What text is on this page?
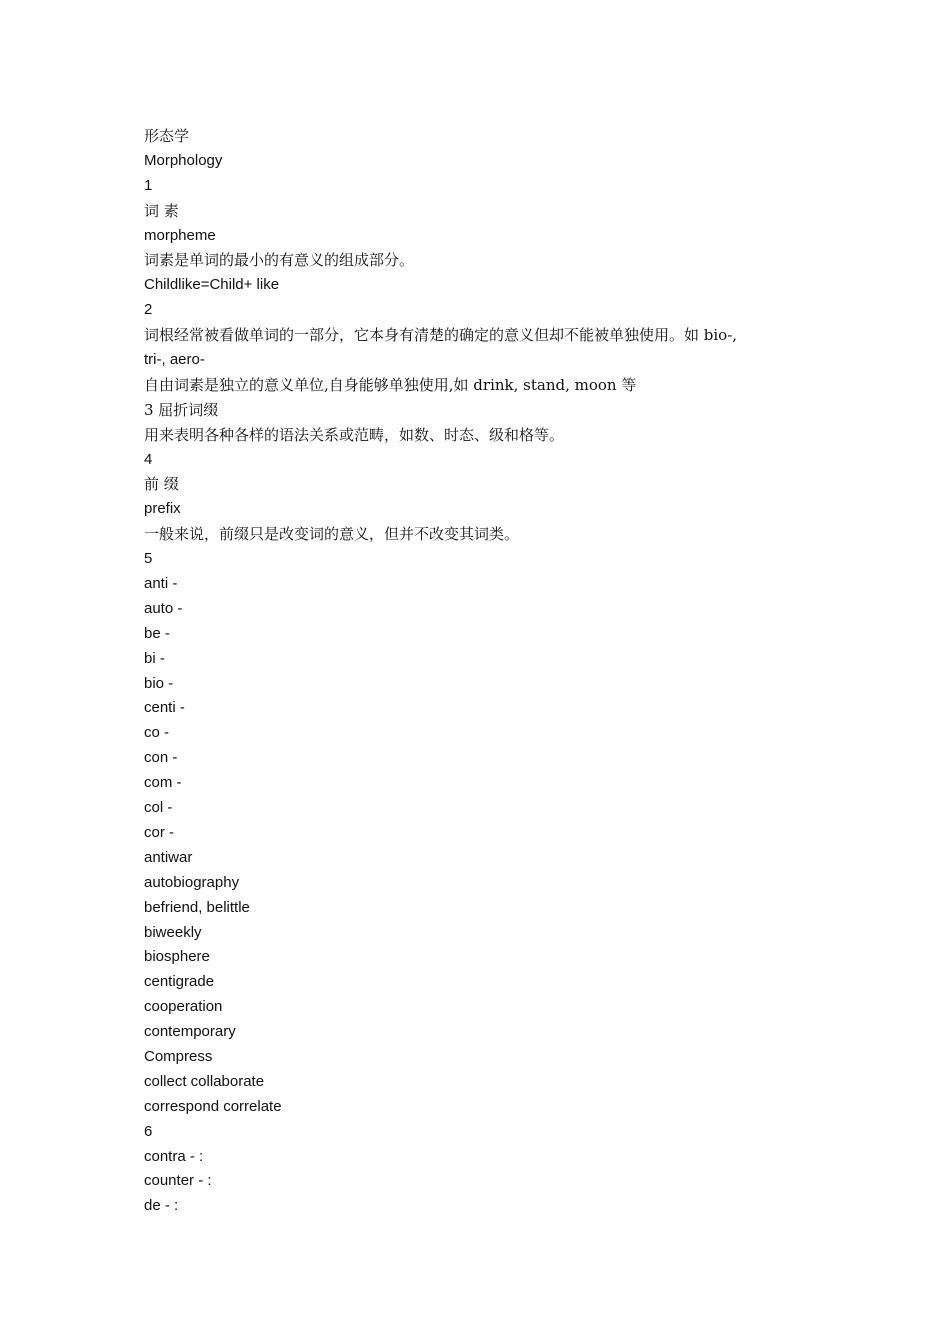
形态学
Morphology
1
词 素
morpheme
词素是单词的最小的有意义的组成部分。
Childlike=Child+ like
2
词根经常被看做单词的一部分，它本身有清楚的确定的意义但却不能被单独使用。如 bio-,
tri-, aero-
自由词素是独立的意义单位,自身能够单独使用,如 drink, stand, moon 等
3 屈折词缀
用来表明各种各样的语法关系或范畴，如数、时态、级和格等。
4
前 缀
prefix
一般来说，前缀只是改变词的意义，但并不改变其词类。
5
anti -
auto -
be -
bi -
bio -
centi -
co -
con -
com -
col -
cor -
antiwar
autobiography
befriend, belittle
biweekly
biosphere
centigrade
cooperation
contemporary
Compress
collect collaborate
correspond correlate
6
contra - :
counter - :
de - :
